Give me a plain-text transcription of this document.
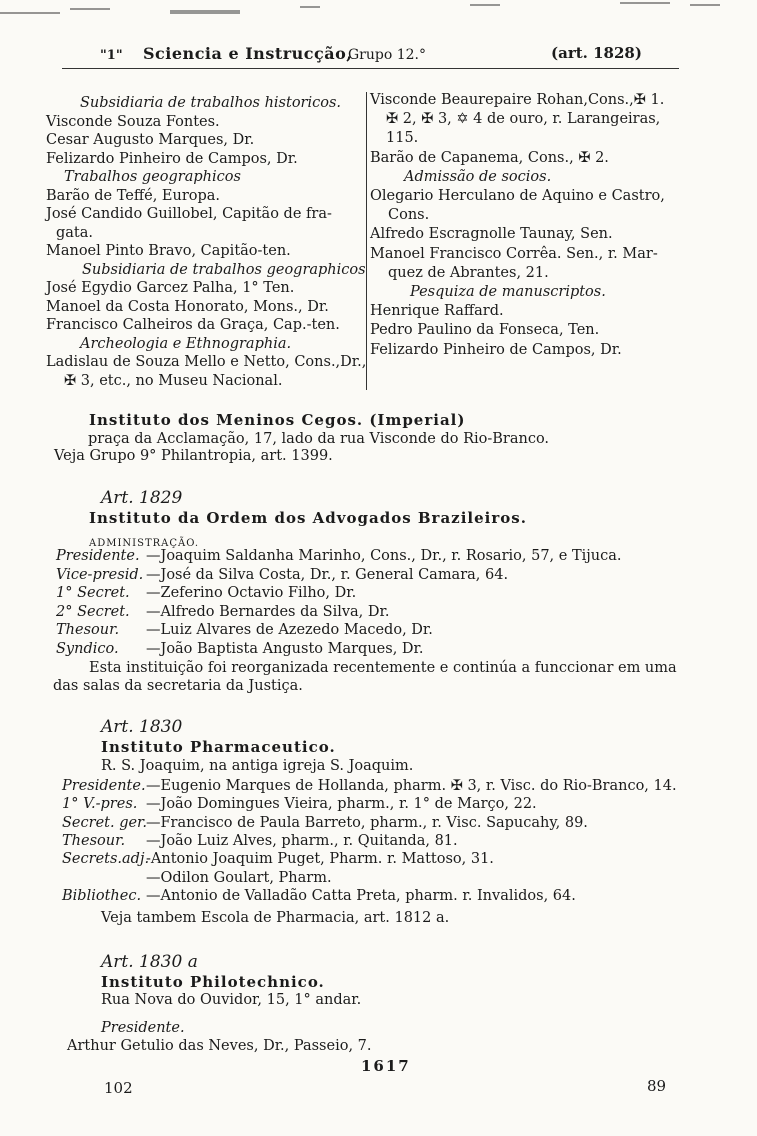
"1" Sciencia e Instrucção,
Grupo 12.°	(art. 1828)
Subsidiaria de trabalhos historicos.
Visconde Souza Fontes.
Cesar Augusto Marques, Dr.
Felizardo Pinheiro de Campos, Dr.
Trabalhos geographicos
Barão de Teffé, Europa.
José Candido Guillobel, Capitão de fra-
gata.
Manoel Pinto Bravo, Capitão-ten.
Subsidiaria de trabalhos geographicos
José Egydio Garcez Palha, 1° Ten.
Manoel da Costa Honorato, Mons., Dr.
Francisco Calheiros da Graça, Cap.-ten.
Archeologia e Ethnographia.
Ladislau de Souza Mello e Netto, Cons.,Dr.,
✠ 3, etc., no Museu Nacional.
Visconde Beaurepaire Rohan,Cons.,✠ 1.
✠ 2, ✠ 3, ✡ 4 de ouro, r. Larangeiras,
115.
Barão de Capanema, Cons., ✠ 2.
Admissão de socios.
Olegario Herculano de Aquino e Castro,
Cons.
Alfredo Escragnolle Taunay, Sen.
Manoel Francisco Corrêa. Sen., r. Mar-
quez de Abrantes, 21.
Pesquiza de manuscriptos.
Henrique Raffard.
Pedro Paulino da Fonseca, Ten.
Felizardo Pinheiro de Campos, Dr.
Instituto dos Meninos Cegos. (Imperial)
praça da Acclamação, 17, lado da rua Visconde do Rio-Branco.
Veja Grupo 9° Philantropia, art. 1399.
Art. 1829
Instituto da Ordem dos Advogados Brazileiros.
ADMINISTRAÇÃO.
Presidente. —Joaquim Saldanha Marinho, Cons., Dr., r. Rosario, 57, e Tijuca.
Vice-presid. —José da Silva Costa, Dr., r. General Camara, 64.
1° Secret. —Zeferino Octavio Filho, Dr.
2° Secret. —Alfredo Bernardes da Silva, Dr.
Thesour. —Luiz Alvares de Azezedo Macedo, Dr.
Syndico. —João Baptista Angusto Marques, Dr.
Esta instituição foi reorganizada recentemente e continúa a funccionar em uma
das salas da secretaria da Justiça.
Art. 1830
Instituto Pharmaceutico.
R. S. Joaquim, na antiga igreja S. Joaquim.
Presidente. —Eugenio Marques de Hollanda, pharm. ✠ 3, r. Visc. do Rio-Branco, 14.
1° V.-pres. —João Domingues Vieira, pharm., r. 1° de Março, 22.
Secret. ger.
—Francisco de Paula Barreto, pharm., r. Visc. Sapucahy, 89.
Thesour. —João Luiz Alves, pharm., r. Quitanda, 81.
Secrets.adj.
-Antonio Joaquim Puget, Pharm. r. Mattoso, 31.
—Odilon Goulart, Pharm.
Bibliothec. —Antonio de Valladão Catta Preta, pharm. r. Invalidos, 64.
Veja tambem Escola de Pharmacia, art. 1812 a.
Art. 1830 a
Instituto Philotechnico.
Rua Nova do Ouvidor, 15, 1° andar.
Presidente.
Arthur Getulio das Neves, Dr., Passeio, 7.
1617
102	89
